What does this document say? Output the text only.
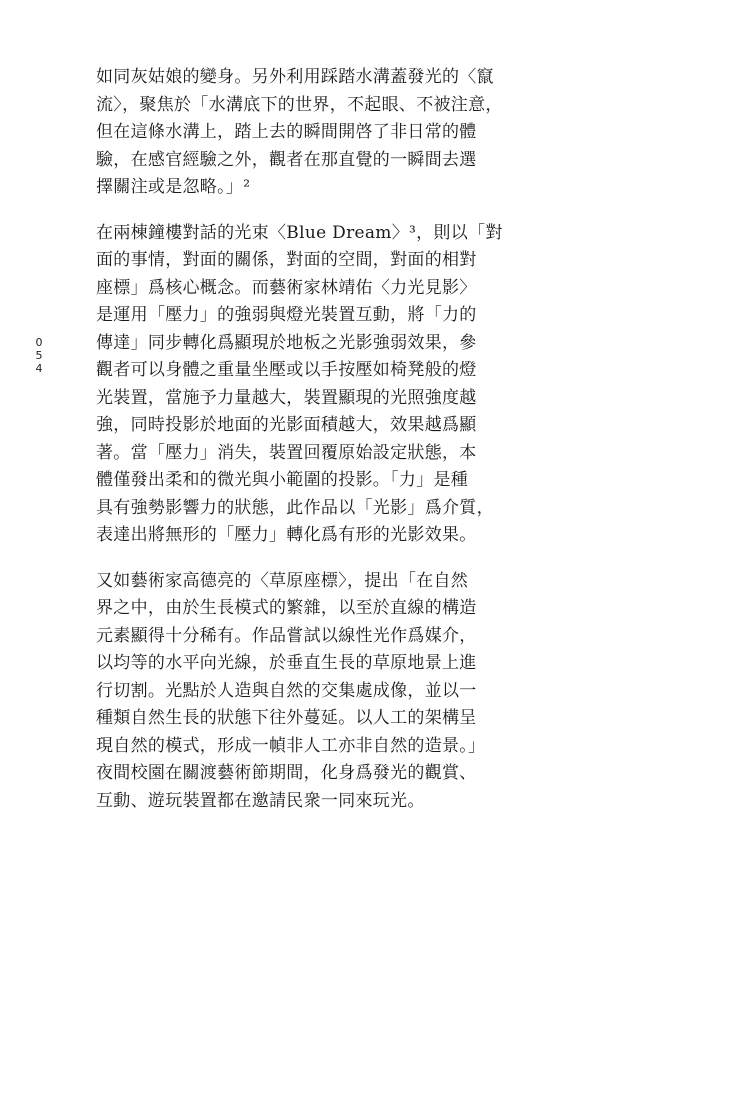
0
5
4

如同灰姑娘的變身。另外利用踩踏水溝蓋發光的〈竄
流〉，聚焦於「水溝底下的世界，不起眼、不被注意，
但在這條水溝上，踏上去的瞬間開啓了非日常的體
驗，在感官經驗之外，觀者在那直覺的一瞬間去選
擇關注或是忽略。」²

在兩棟鐘樓對話的光束〈Blue Dream〉³，則以「對
面的事情，對面的關係，對面的空間，對面的相對
座標」爲核心概念。而藝術家林靖佑〈力光見影〉
是運用「壓力」的強弱與燈光裝置互動，將「力的
傳達」同步轉化爲顯現於地板之光影強弱效果，參
觀者可以身體之重量坐壓或以手按壓如椅凳般的燈
光裝置，當施予力量越大，裝置顯現的光照強度越
強，同時投影於地面的光影面積越大，效果越爲顯
著。當「壓力」消失，裝置回覆原始設定狀態，本
體僅發出柔和的微光與小範圍的投影。「力」是種
具有強勢影響力的狀態，此作品以「光影」爲介質，
表達出將無形的「壓力」轉化爲有形的光影效果。

又如藝術家高德亮的〈草原座標〉，提出「在自然
界之中，由於生長模式的繁雜，以至於直線的構造
元素顯得十分稀有。作品嘗試以線性光作爲媒介，
以均等的水平向光線，於垂直生長的草原地景上進
行切割。光點於人造與自然的交集處成像，並以一
種類自然生長的狀態下往外蔓延。以人工的架構呈
現自然的模式，形成一幀非人工亦非自然的造景。」
夜間校園在關渡藝術節期間，化身爲發光的觀賞、
互動、遊玩裝置都在邀請民衆一同來玩光。
